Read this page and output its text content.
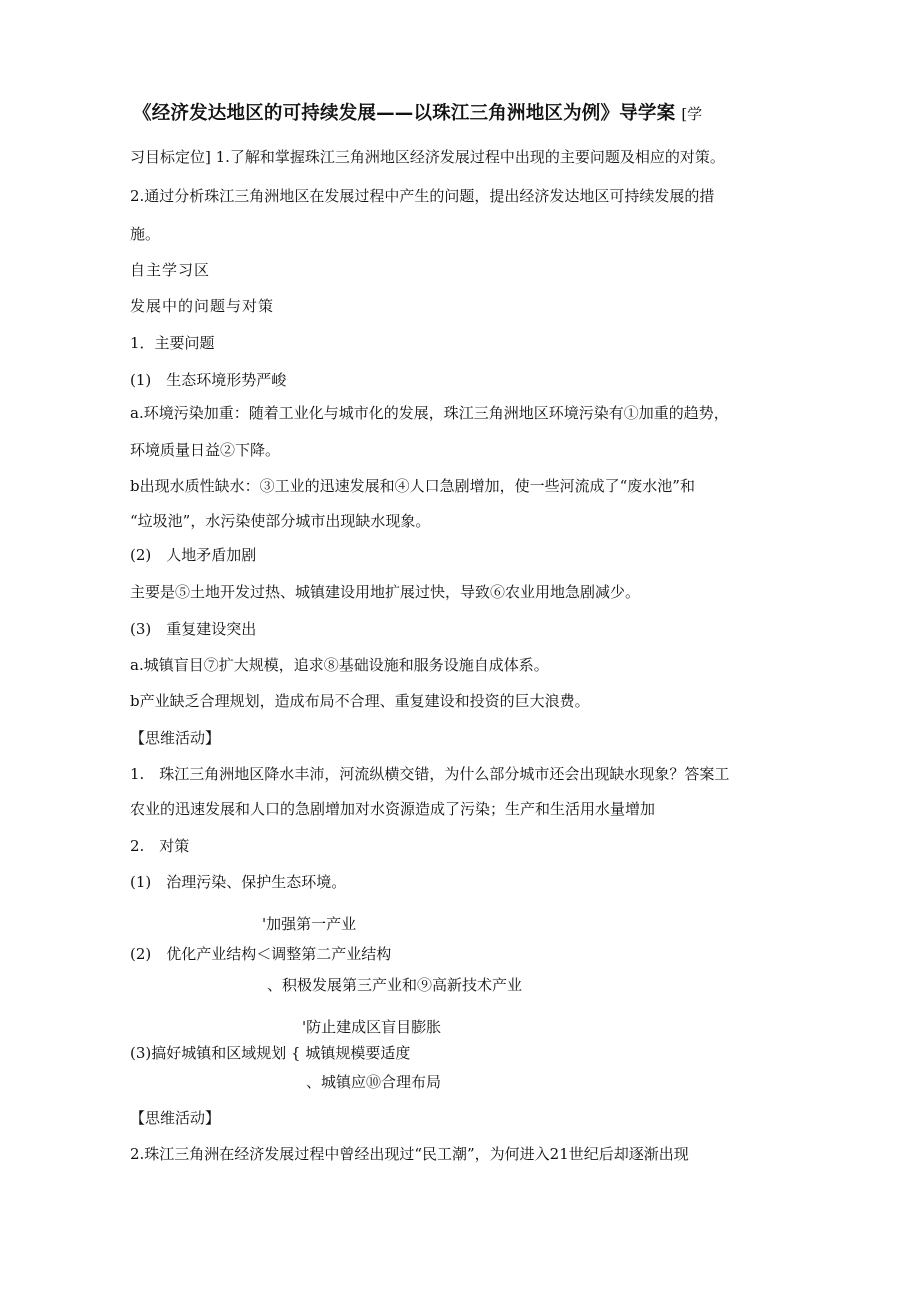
《经济发达地区的可持续发展——以珠江三角洲地区为例》导学案 [学
习目标定位] 1.了解和掌握珠江三角洲地区经济发展过程中出现的主要问题及相应的对策。
2.通过分析珠江三角洲地区在发展过程中产生的问题，提出经济发达地区可持续发展的措
施。
自主学习区
发展中的问题与对策
1．主要问题
(1)　生态环境形势严峻
a.环境污染加重：随着工业化与城市化的发展，珠江三角洲地区环境污染有①加重的趋势，
环境质量日益②下降。
b出现水质性缺水：③工业的迅速发展和④人口急剧增加，使一些河流成了“废水池”和
“垃圾池”，水污染使部分城市出现缺水现象。
(2)　人地矛盾加剧
主要是⑤土地开发过热、城镇建设用地扩展过快，导致⑥农业用地急剧减少。
(3)　重复建设突出
a.城镇盲目⑦扩大规模，追求⑧基础设施和服务设施自成体系。
b产业缺乏合理规划，造成布局不合理、重复建设和投资的巨大浪费。
【思维活动】
1.　珠江三角洲地区降水丰沛，河流纵横交错，为什么部分城市还会出现缺水现象？答案工
农业的迅速发展和人口的急剧增加对水资源造成了污染；生产和生活用水量增加
2.　对策
(1)　治理污染、保护生态环境。
'加强第一产业
(2)　优化产业结构＜调整第二产业结构
、积极发展第三产业和⑨高新技术产业
'防止建成区盲目膨胀
(3)搞好城镇和区域规划 { 城镇规模要适度
、城镇应⑩合理布局
【思维活动】
2.珠江三角洲在经济发展过程中曾经出现过“民工潮”，为何进入21世纪后却逐渐出现
